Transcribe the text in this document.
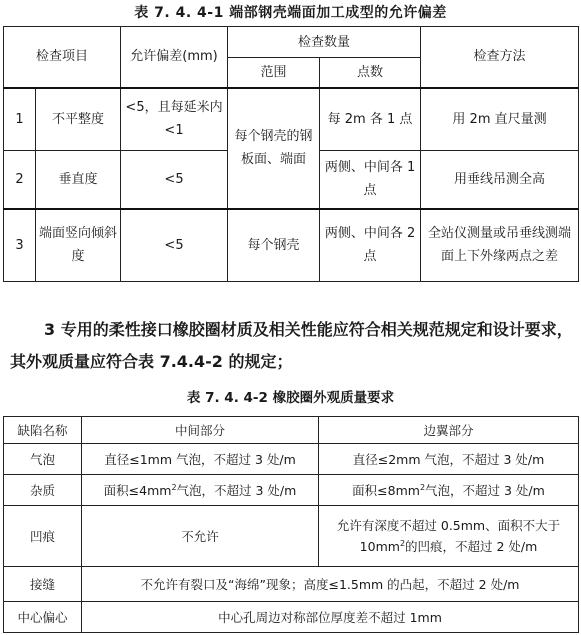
表 7. 4. 4-1 端部钢壳端面加工成型的允许偏差
检查项目		允许偏差(mm)	检查数量		检查方法
			范围	点数	
1	不平整度	<5，且每延米内<1	每个钢壳的钢板面、端面	每 2m 各 1 点	用 2m 直尺量测
2	垂直度	<5		两侧、中间各 1 点	用垂线吊测全高
3	端面竖向倾斜度	<5	每个钢壳	两侧、中间各 2 点	全站仪测量或吊垂线测端面上下外缘两点之差
3 专用的柔性接口橡胶圈材质及相关性能应符合相关规范规定和设计要求，其外观质量应符合表 7.4.4-2 的规定；
表 7. 4. 4-2 橡胶圈外观质量要求
缺陷名称	中间部分	边翼部分
气泡	直径≤1mm 气泡，不超过 3 处/m	直径≤2mm 气泡，不超过 3 处/m
杂质	面积$\le 4mm^2$气泡，不超过 3 处/m	面积$\le 8mm^2$气泡，不超过 3 处/m
凹痕	不允许	允许有深度不超过 0.5mm、面积不大于 $10mm^2$的凹痕，不超过 2 处/m
接缝	不允许有裂口及“海绵”现象；高度≤1.5mm 的凸起，不超过 2 处/m	
中心偏心	中心孔周边对称部位厚度差不超过 1mm	
